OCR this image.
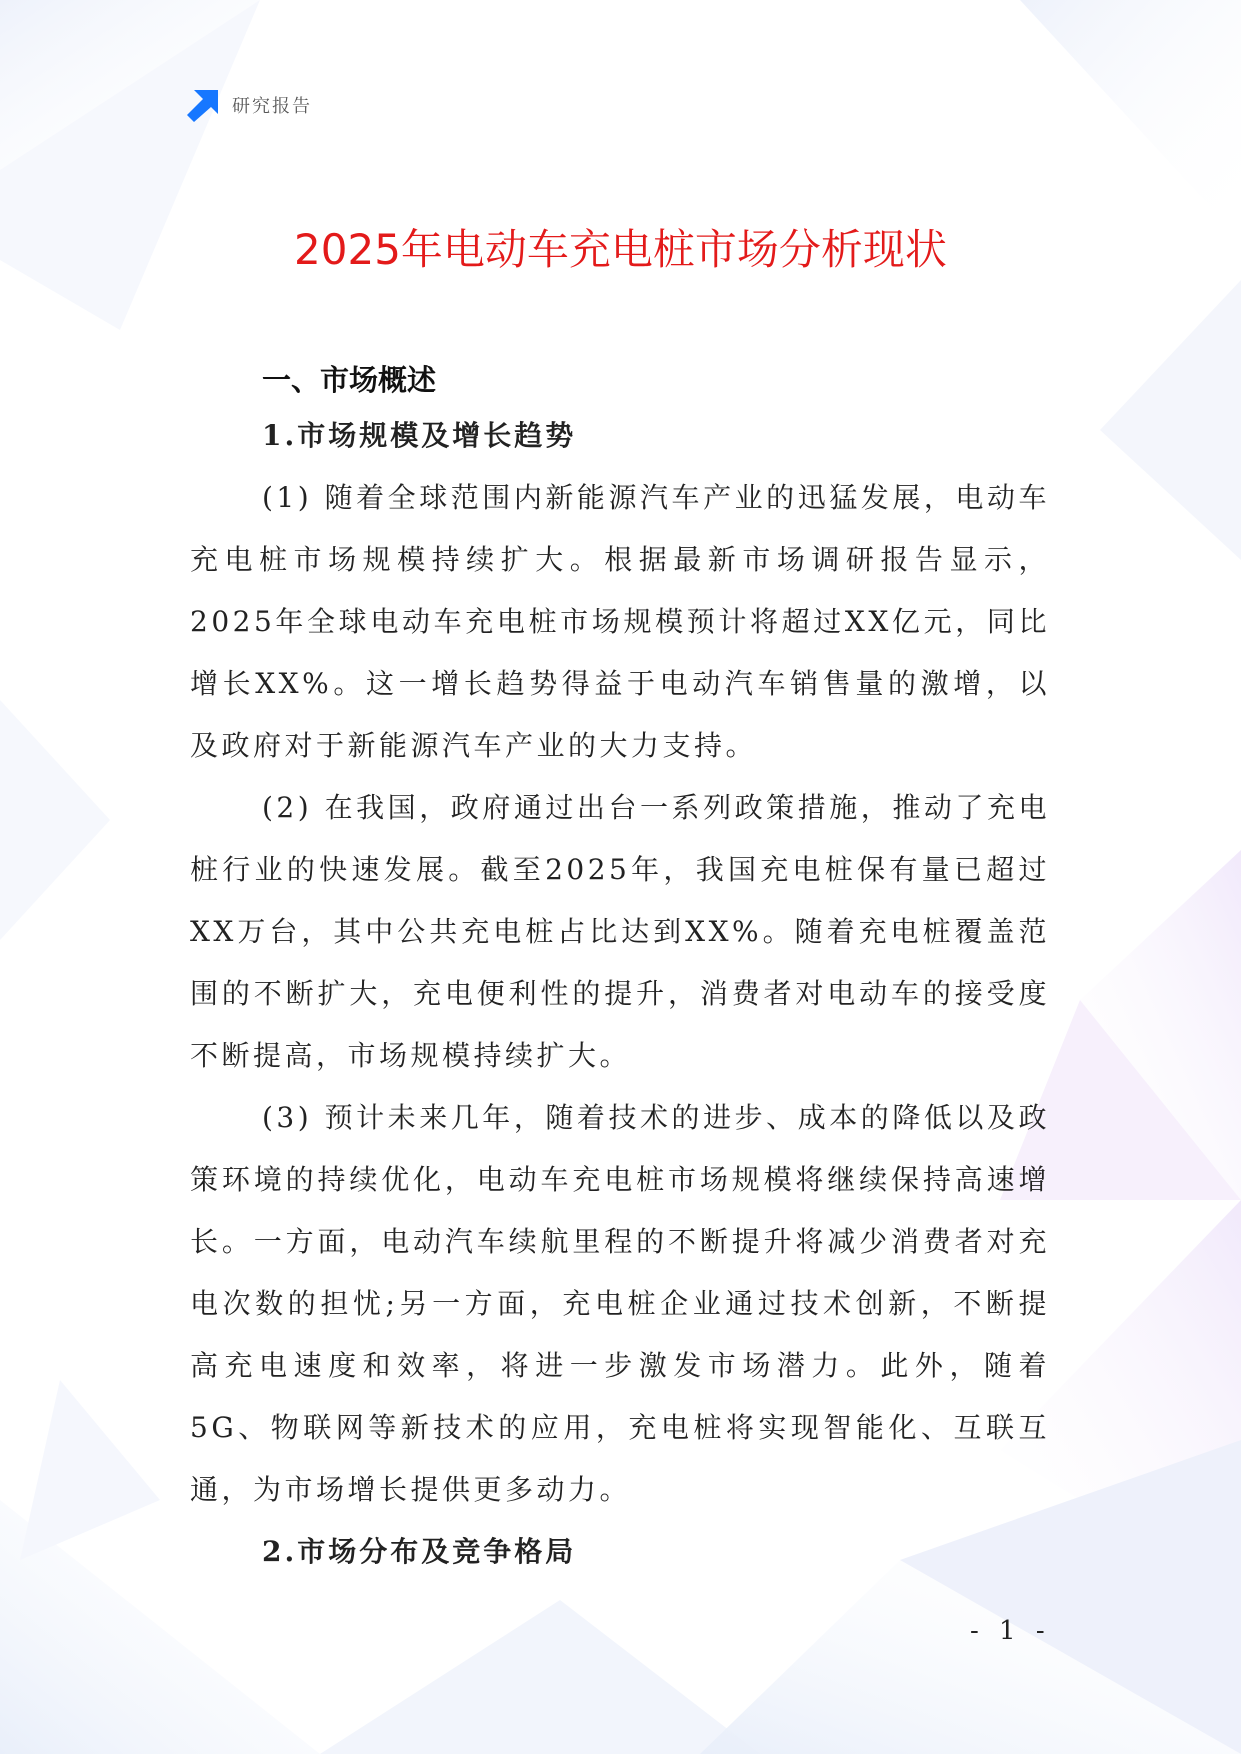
研究报告
2025年电动车充电桩市场分析现状
一、市场概述
1.市场规模及增长趋势

(1) 随着全球范围内新能源汽车产业的迅猛发展，电动车充电桩市场规模持续扩大。根据最新市场调研报告显示，2025年全球电动车充电桩市场规模预计将超过XX亿元，同比增长XX%。这一增长趋势得益于电动汽车销售量的激增，以及政府对于新能源汽车产业的大力支持。

(2) 在我国，政府通过出台一系列政策措施，推动了充电桩行业的快速发展。截至2025年，我国充电桩保有量已超过XX万台，其中公共充电桩占比达到XX%。随着充电桩覆盖范围的不断扩大，充电便利性的提升，消费者对电动车的接受度不断提高，市场规模持续扩大。

(3) 预计未来几年，随着技术的进步、成本的降低以及政策环境的持续优化，电动车充电桩市场规模将继续保持高速增长。一方面，电动汽车续航里程的不断提升将减少消费者对充电次数的担忧;另一方面，充电桩企业通过技术创新，不断提高充电速度和效率，将进一步激发市场潜力。此外，随着5G、物联网等新技术的应用，充电桩将实现智能化、互联互通，为市场增长提供更多动力。

2.市场分布及竞争格局
- 1 -
